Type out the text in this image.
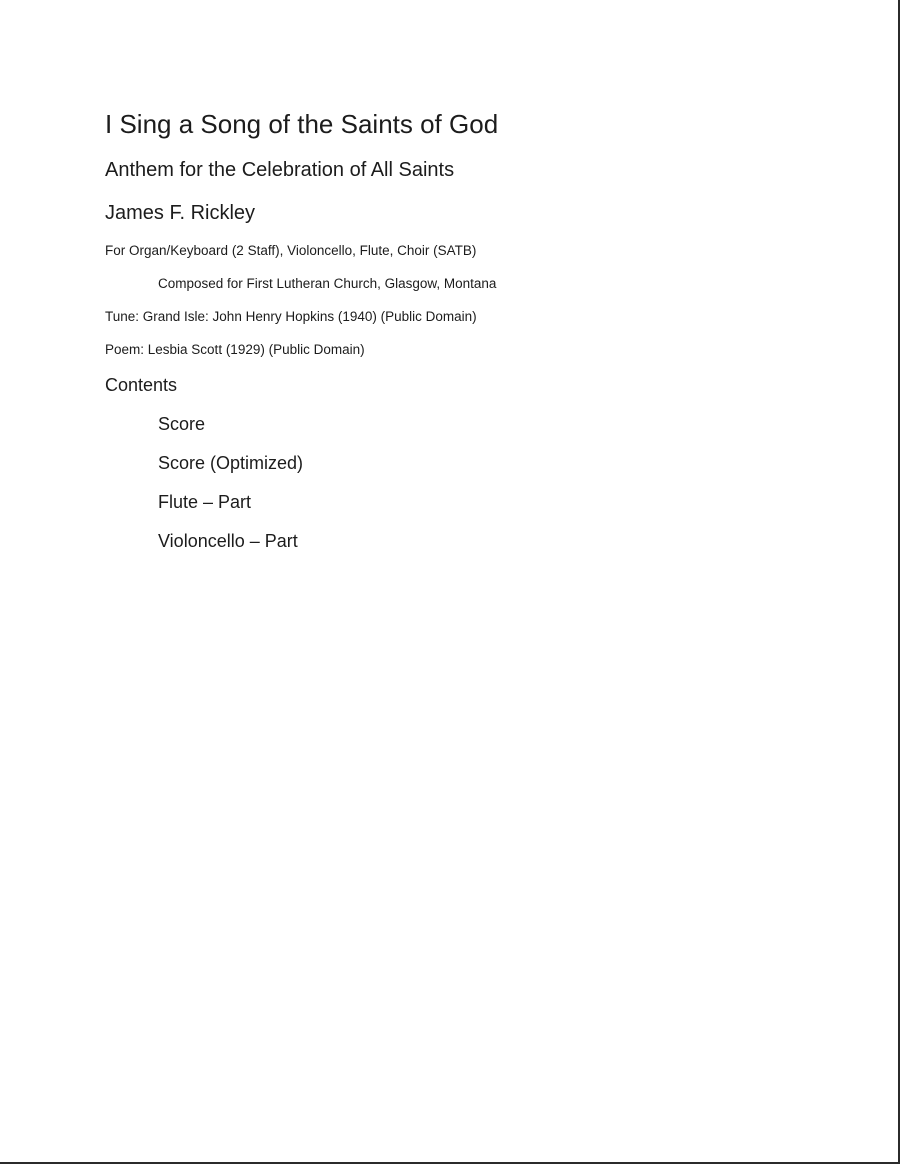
I Sing a Song of the Saints of God
Anthem for the Celebration of All Saints
James F. Rickley
For Organ/Keyboard (2 Staff), Violoncello, Flute, Choir (SATB)
Composed for First Lutheran Church, Glasgow, Montana
Tune: Grand Isle: John Henry Hopkins (1940) (Public Domain)
Poem: Lesbia Scott (1929) (Public Domain)
Contents
Score
Score (Optimized)
Flute – Part
Violoncello – Part
